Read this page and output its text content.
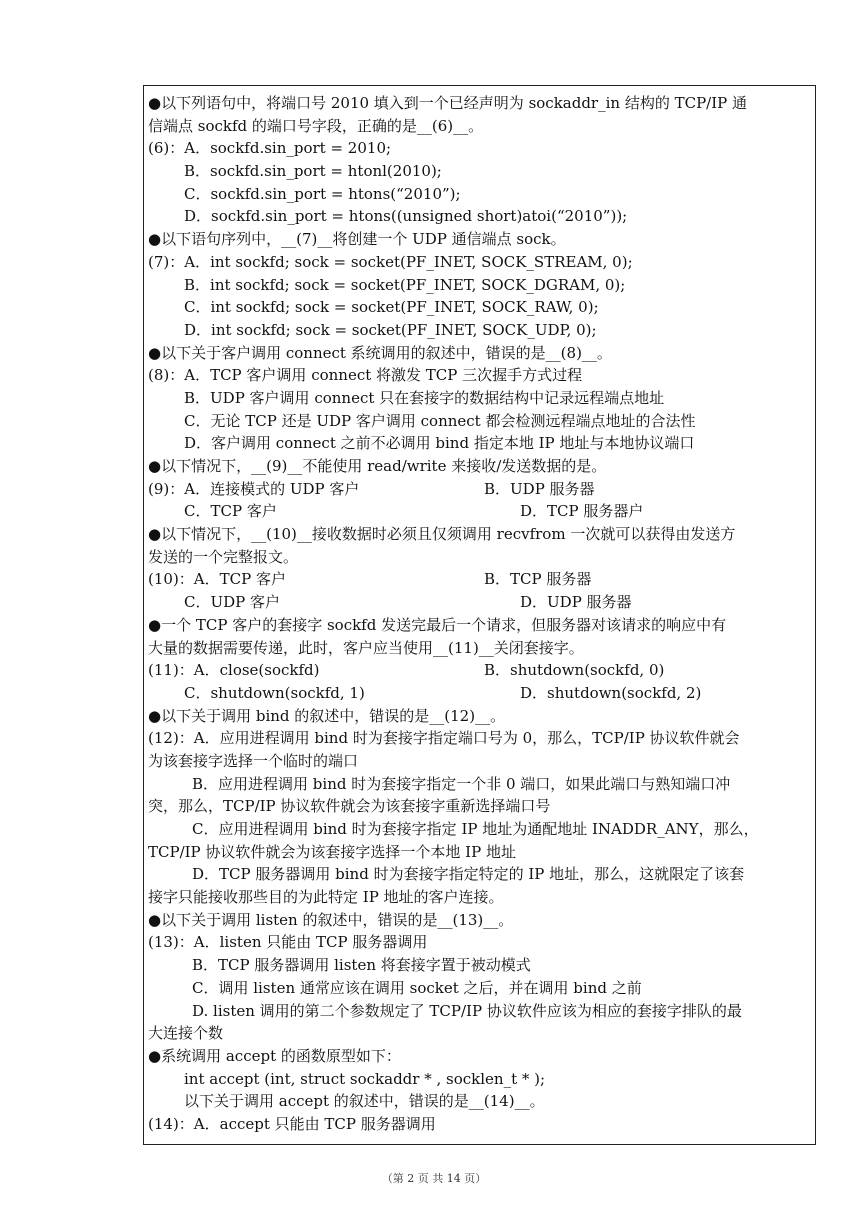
●以下列语句中，将端口号 2010 填入到一个已经声明为 sockaddr_in 结构的 TCP/IP 通
信端点 sockfd 的端口号字段，正确的是__(6)__。
(6)：A．sockfd.sin_port = 2010;
B．sockfd.sin_port = htonl(2010);
C．sockfd.sin_port = htons(“2010”);
D．sockfd.sin_port = htons((unsigned short)atoi(“2010”));
●以下语句序列中，__(7)__将创建一个 UDP 通信端点 sock。
(7)：A．int sockfd; sock = socket(PF_INET, SOCK_STREAM, 0);
B．int sockfd; sock = socket(PF_INET, SOCK_DGRAM, 0);
C．int sockfd; sock = socket(PF_INET, SOCK_RAW, 0);
D．int sockfd; sock = socket(PF_INET, SOCK_UDP, 0);
●以下关于客户调用 connect 系统调用的叙述中，错误的是__(8)__。
(8)：A．TCP 客户调用 connect 将激发 TCP 三次握手方式过程
B．UDP 客户调用 connect 只在套接字的数据结构中记录远程端点地址
C．无论 TCP 还是 UDP 客户调用 connect 都会检测远程端点地址的合法性
D．客户调用 connect 之前不必调用 bind 指定本地 IP 地址与本地协议端口
●以下情况下，__(9)__不能使用 read/write 来接收/发送数据的是。
(9)：A．连接模式的 UDP 客户	B．UDP 服务器
C．TCP 客户	D．TCP 服务器户
●以下情况下，__(10)__接收数据时必须且仅须调用 recvfrom 一次就可以获得由发送方
发送的一个完整报文。
(10)：A．TCP 客户	B．TCP 服务器
C．UDP 客户	D．UDP 服务器
●一个 TCP 客户的套接字 sockfd 发送完最后一个请求，但服务器对该请求的响应中有
大量的数据需要传递，此时，客户应当使用__(11)__关闭套接字。
(11)：A．close(sockfd)	B．shutdown(sockfd, 0)
C．shutdown(sockfd, 1)	D．shutdown(sockfd, 2)
●以下关于调用 bind 的叙述中，错误的是__(12)__。
(12)：A．应用进程调用 bind 时为套接字指定端口号为 0，那么，TCP/IP 协议软件就会
为该套接字选择一个临时的端口
B．应用进程调用 bind 时为套接字指定一个非 0 端口，如果此端口与熟知端口冲
突，那么，TCP/IP 协议软件就会为该套接字重新选择端口号
C．应用进程调用 bind 时为套接字指定 IP 地址为通配地址 INADDR_ANY，那么，
TCP/IP 协议软件就会为该套接字选择一个本地 IP 地址
D．TCP 服务器调用 bind 时为套接字指定特定的 IP 地址，那么，这就限定了该套
接字只能接收那些目的为此特定 IP 地址的客户连接。
●以下关于调用 listen 的叙述中，错误的是__(13)__。
(13)：A．listen 只能由 TCP 服务器调用
B．TCP 服务器调用 listen 将套接字置于被动模式
C．调用 listen 通常应该在调用 socket 之后，并在调用 bind 之前
D. listen 调用的第二个参数规定了 TCP/IP 协议软件应该为相应的套接字排队的最
大连接个数
●系统调用 accept 的函数原型如下：
int accept (int, struct sockaddr * , socklen_t * );
以下关于调用 accept 的叙述中，错误的是__(14)__。
(14)：A．accept 只能由 TCP 服务器调用
（第 2 页 共 14 页）
